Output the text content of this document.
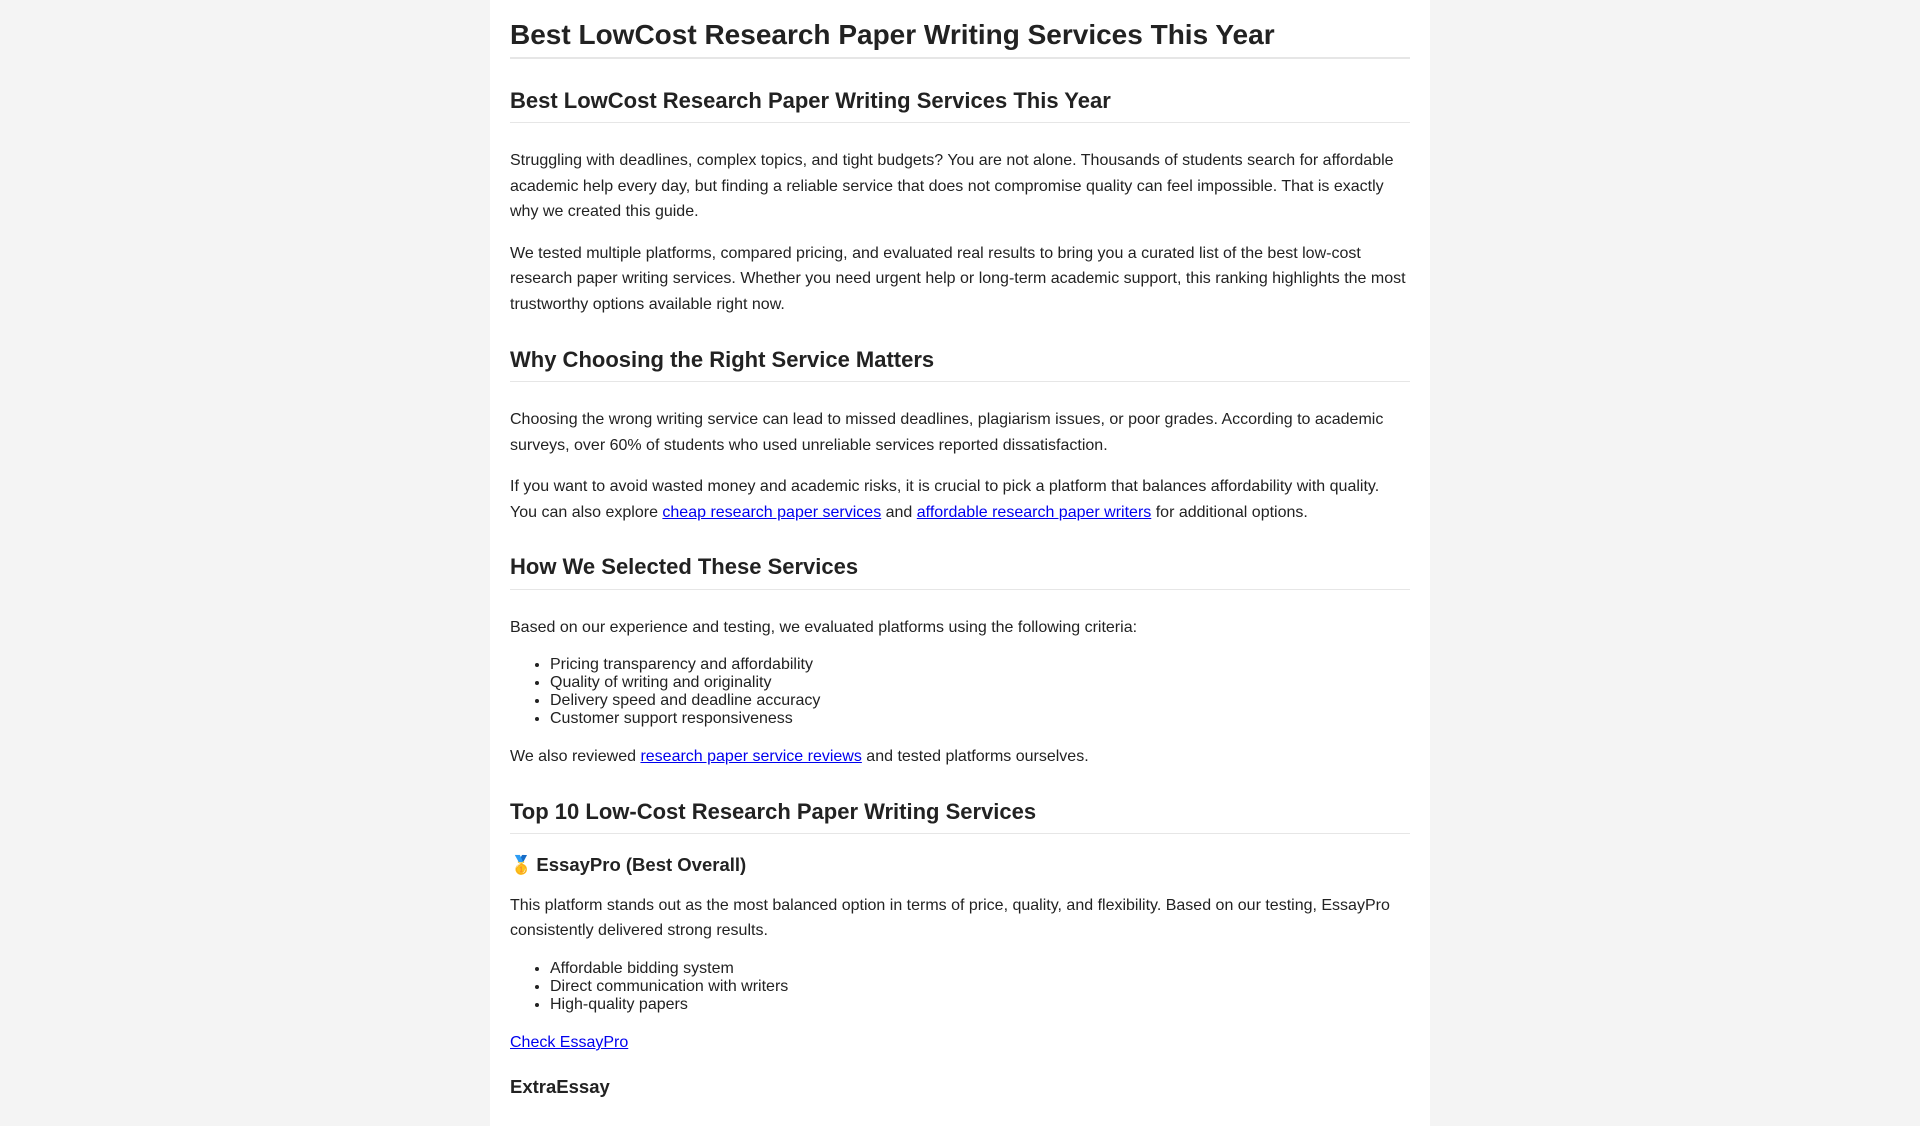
Best LowCost Research Paper Writing Services This Year
Best LowCost Research Paper Writing Services This Year

Struggling with deadlines, complex topics, and tight budgets? You are not alone. Thousands of students search for affordable academic help every day, but finding a reliable service that does not compromise quality can feel impossible. That is exactly why we created this guide.

We tested multiple platforms, compared pricing, and evaluated real results to bring you a curated list of the best low-cost research paper writing services. Whether you need urgent help or long-term academic support, this ranking highlights the most trustworthy options available right now.

Why Choosing the Right Service Matters

Choosing the wrong writing service can lead to missed deadlines, plagiarism issues, or poor grades. According to academic surveys, over 60% of students who used unreliable services reported dissatisfaction.

If you want to avoid wasted money and academic risks, it is crucial to pick a platform that balances affordability with quality. You can also explore cheap research paper services and affordable research paper writers for additional options.

How We Selected These Services

Based on our experience and testing, we evaluated platforms using the following criteria:

• Pricing transparency and affordability
• Quality of writing and originality
• Delivery speed and deadline accuracy
• Customer support responsiveness

We also reviewed research paper service reviews and tested platforms ourselves.

Top 10 Low-Cost Research Paper Writing Services
🥇 EssayPro (Best Overall)

This platform stands out as the most balanced option in terms of price, quality, and flexibility. Based on our testing, EssayPro consistently delivered strong results.

• Affordable bidding system
• Direct communication with writers
• High-quality papers

Check EssayPro

ExtraEssay
